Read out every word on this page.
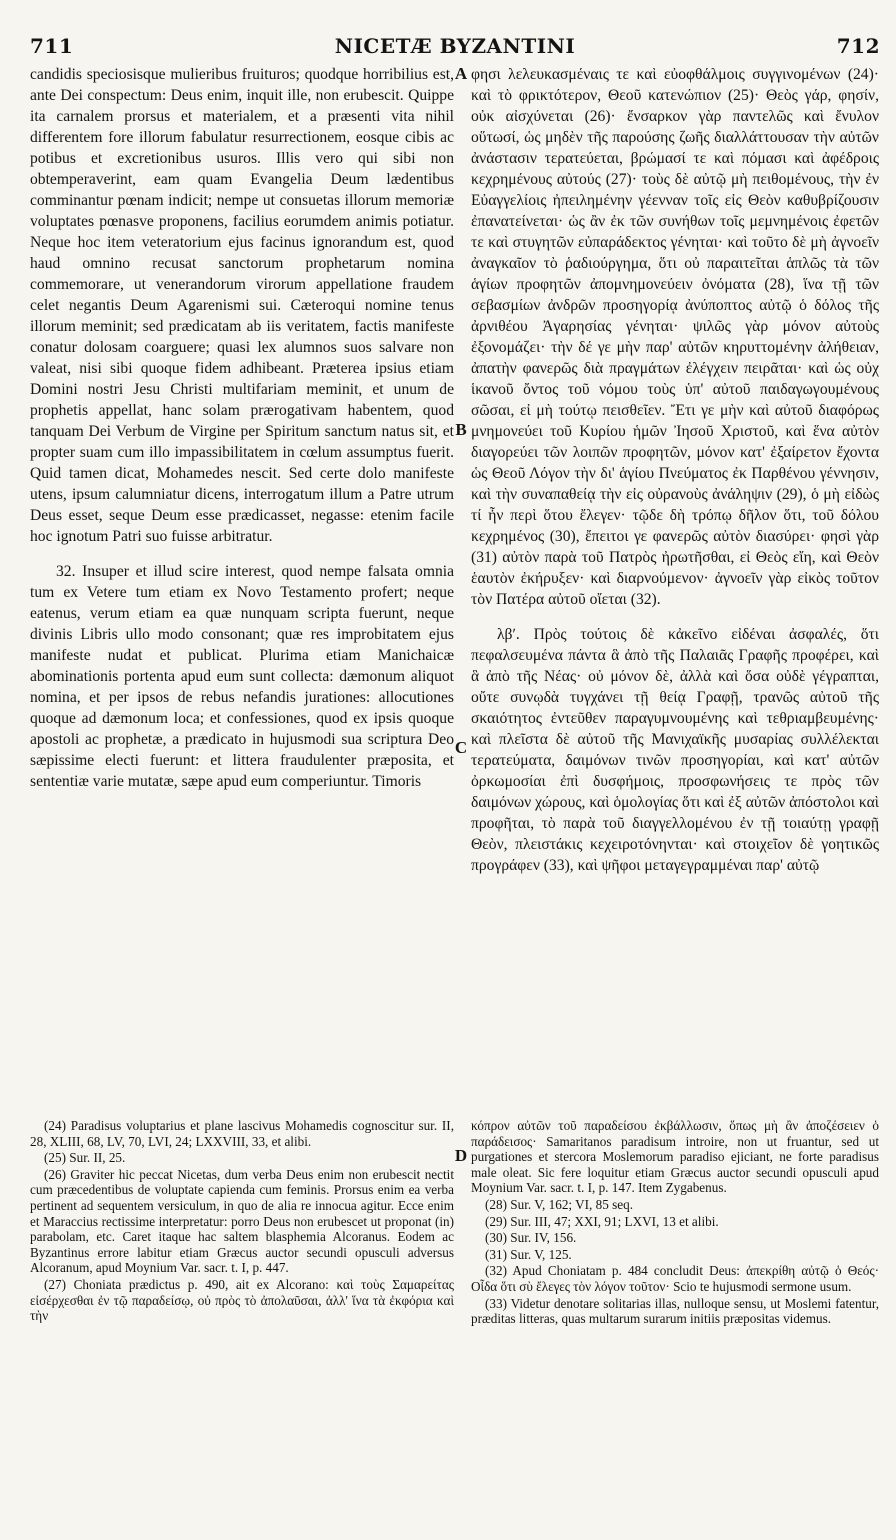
711	NICETÆ BYZANTINI	712

candidis speciosisque mulieribus fruituros; quodque horribilius est, ante Dei conspectum: Deus enim, inquit ille, non erubescit. Quippe ita carnalem prorsus et materialem, et a præsenti vita nihil differentem fore illorum fabulatur resurrectionem, eosque cibis ac potibus et excretionibus usuros. Illis vero qui sibi non obtemperaverint, eam quam Evangelia Deum lædentibus comminantur pœnam indicit; nempe ut consuetas illorum memoriæ voluptates pœnasve proponens, facilius eorumdem animis potiatur. Neque hoc item veteratorium ejus facinus ignorandum est, quod haud omnino recusat sanctorum prophetarum nomina commemorare, ut venerandorum virorum appellatione fraudem celet negantis Deum Agarenismi sui. Cæteroqui nomine tenus illorum meminit; sed prædicatam ab iis veritatem, factis manifeste conatur dolosam coarguere; quasi lex alumnos suos salvare non valeat, nisi sibi quoque fidem adhibeant. Præterea ipsius etiam Domini nostri Jesu Christi multifariam meminit, et unum de prophetis appellat, hanc solam prærogativam habentem, quod tanquam Dei Verbum de Virgine per Spiritum sanctum natus sit, et propter suam cum illo impassibilitatem in cœlum assumptus fuerit. Quid tamen dicat, Mohamedes nescit. Sed certe dolo manifeste utens, ipsum calumniatur dicens, interrogatum illum a Patre utrum Deus esset, seque Deum esse prædicasset, negasse: etenim facile hoc ignotum Patri suo fuisse arbitratur.

32. Insuper et illud scire interest, quod nempe falsata omnia tum ex Vetere tum etiam ex Novo Testamento profert; neque eatenus, verum etiam ea quæ nunquam scripta fuerunt, neque divinis Libris ullo modo consonant; quæ res improbitatem ejus manifeste nudat et publicat. Plurima etiam Manichaicæ abominationis portenta apud eum sunt collecta: dæmonum aliquot nomina, et per ipsos de rebus nefandis jurationes: allocutiones quoque ad dæmonum loca; et confessiones, quod ex ipsis quoque apostoli ac prophetæ, a prædicato in hujusmodi sua scriptura Deo sæpissime electi fuerunt: et littera fraudulenter præposita, et sententiæ varie mutatæ, sæpe apud eum comperiuntur. Timoris

A
B
C
D

φησι λελευκασμέναις τε καὶ εὐοφθάλμοις συγγινομένων (24)· καὶ τὸ φρικτότερον, Θεοῦ κατενώπιον (25)· Θεὸς γάρ, φησίν, οὐκ αἰσχύνεται (26)· ἔνσαρκον γὰρ παντελῶς καὶ ἔνυλον οὕτωσί, ὡς μηδὲν τῆς παρούσης ζωῆς διαλλάττουσαν τὴν αὐτῶν ἀνάστασιν τερατεύεται, βρώμασί τε καὶ πόμασι καὶ ἀφέδροις κεχρημένους αὐτούς (27)· τοὺς δὲ αὐτῷ μὴ πειθομένους, τὴν ἐν Εὐαγγελίοις ἠπειλημένην γέενναν τοῖς εἰς Θεὸν καθυβρίζουσιν ἐπανατείνεται· ὡς ἂν ἐκ τῶν συνήθων τοῖς μεμνημένοις ἐφετῶν τε καὶ στυγητῶν εὐπαράδεκτος γένηται· καὶ τοῦτο δὲ μὴ ἀγνοεῖν ἀναγκαῖον τὸ ῥαδιούργημα, ὅτι οὐ παραιτεῖται ἁπλῶς τὰ τῶν ἁγίων προφητῶν ἀπομνημονεύειν ὀνόματα (28), ἵνα τῇ τῶν σεβασμίων ἀνδρῶν προσηγορίᾳ ἀνύποπτος αὐτῷ ὁ δόλος τῆς ἀρνιθέου Ἀγαρησίας γένηται· ψιλῶς γὰρ μόνον αὐτοὺς ἐξονομάζει· τὴν δέ γε μὴν παρ' αὐτῶν κηρυττομένην ἀλήθειαν, ἀπατὴν φανερῶς διὰ πραγμάτων ἐλέγχειν πειρᾶται· καὶ ὡς οὐχ ἱκανοῦ ὄντος τοῦ νόμου τοὺς ὑπ' αὐτοῦ παιδαγωγουμένους σῶσαι, εἰ μὴ τούτῳ πεισθεῖεν. Ἔτι γε μὴν καὶ αὐτοῦ διαφόρως μνημονεύει τοῦ Κυρίου ἡμῶν Ἰησοῦ Χριστοῦ, καὶ ἕνα αὐτὸν διαγορεύει τῶν λοιπῶν προφητῶν, μόνον κατ' ἐξαίρετον ἔχοντα ὡς Θεοῦ Λόγον τὴν δι' ἁγίου Πνεύματος ἐκ Παρθένου γέννησιν, καὶ τὴν συναπαθείᾳ τὴν εἰς οὐρανοὺς ἀνάληψιν (29), ὁ μὴ εἰδὼς τί ἦν περὶ ὅτου ἔλεγεν· τῷδε δὴ τρόπῳ δῆλον ὅτι, τοῦ δόλου κεχρημένος (30), ἔπειτοι γε φανερῶς αὐτὸν διασύρει· φησὶ γὰρ (31) αὐτὸν παρὰ τοῦ Πατρὸς ἠρωτῆσθαι, εἰ Θεὸς εἴη, καὶ Θεὸν ἑαυτὸν ἐκήρυξεν· καὶ διαρνούμενον· ἀγνοεῖν γὰρ εἰκὸς τοῦτον τὸν Πατέρα αὐτοῦ οἴεται (32).

λβʹ. Πρὸς τούτοις δὲ κἀκεῖνο εἰδέναι ἀσφαλές, ὅτι πεφαλσευμένα πάντα ἃ ἀπὸ τῆς Παλαιᾶς Γραφῆς προφέρει, καὶ ἃ ἀπὸ τῆς Νέας· οὐ μόνον δὲ, ἀλλὰ καὶ ὅσα οὐδὲ γέγραπται, οὔτε συνῳδὰ τυγχάνει τῇ θείᾳ Γραφῇ, τρανῶς αὐτοῦ τῆς σκαιότητος ἐντεῦθεν παραγυμνουμένης καὶ τεθριαμβευμένης· καὶ πλεῖστα δὲ αὐτοῦ τῆς Μανιχαϊκῆς μυσαρίας συλλέλεκται τερατεύματα, δαιμόνων τινῶν προσηγορίαι, καὶ κατ' αὐτῶν ὀρκωμοσίαι ἐπὶ δυσφήμοις, προσφωνήσεις τε πρὸς τῶν δαιμόνων χώρους, καὶ ὁμολογίας ὅτι καὶ ἐξ αὐτῶν ἀπόστολοι καὶ προφῆται, τὸ παρὰ τοῦ διαγγελλομένου ἐν τῇ τοιαύτῃ γραφῇ Θεὸν, πλειστάκις κεχειροτόνηνται· καὶ στοιχεῖον δὲ γοητικῶς προγράφεν (33), καὶ ψῆφοι μεταγεγραμμέναι παρ' αὐτῷ

(24) Paradisus voluptarius et plane lascivus Mohamedis cognoscitur sur. II, 28, XLIII, 68, LV, 70, LVI, 24; LXXVIII, 33, et alibi.

(25) Sur. II, 25.

(26) Graviter hic peccat Nicetas, dum verba Deus enim non erubescit nectit cum præcedentibus de voluptate capienda cum feminis. Prorsus enim ea verba pertinent ad sequentem versiculum, in quo de alia re innocua agitur. Ecce enim et Maraccius rectissime interpretatur: porro Deus non erubescet ut proponat (in) parabolam, etc. Caret itaque hac saltem blasphemia Alcoranus. Eodem ac Byzantinus errore labitur etiam Græcus auctor secundi opusculi adversus Alcoranum, apud Moynium Var. sacr. t. I, p. 447.

(27) Choniata prædictus p. 490, ait ex Alcorano: καὶ τοὺς Σαμαρείτας εἰσέρχεσθαι ἐν τῷ παραδείσῳ, οὐ πρὸς τὸ ἀπολαῦσαι, ἀλλ' ἵνα τὰ ἐκφόρια καὶ τὴν

κόπρον αὐτῶν τοῦ παραδείσου ἐκβάλλωσιν, ὅπως μὴ ἂν ἀποζέσειεν ὁ παράδεισος· Samaritanos paradisum introire, non ut fruantur, sed ut purgationes et stercora Moslemorum paradiso ejiciant, ne forte paradisus male oleat. Sic fere loquitur etiam Græcus auctor secundi opusculi apud Moynium Var. sacr. t. I, p. 147. Item Zygabenus.

(28) Sur. V, 162; VI, 85 seq.

(29) Sur. III, 47; XXI, 91; LXVI, 13 et alibi.

(30) Sur. IV, 156.

(31) Sur. V, 125.

(32) Apud Choniatam p. 484 concludit Deus: ἀπεκρίθη αὐτῷ ὁ Θεός· Οἶδα ὅτι σὺ ἔλεγες τὸν λόγον τοῦτον· Scio te hujusmodi sermone usum.

(33) Videtur denotare solitarias illas, nulloque sensu, ut Moslemi fatentur, præditas litteras, quas multarum surarum initiis præpositas videmus.
